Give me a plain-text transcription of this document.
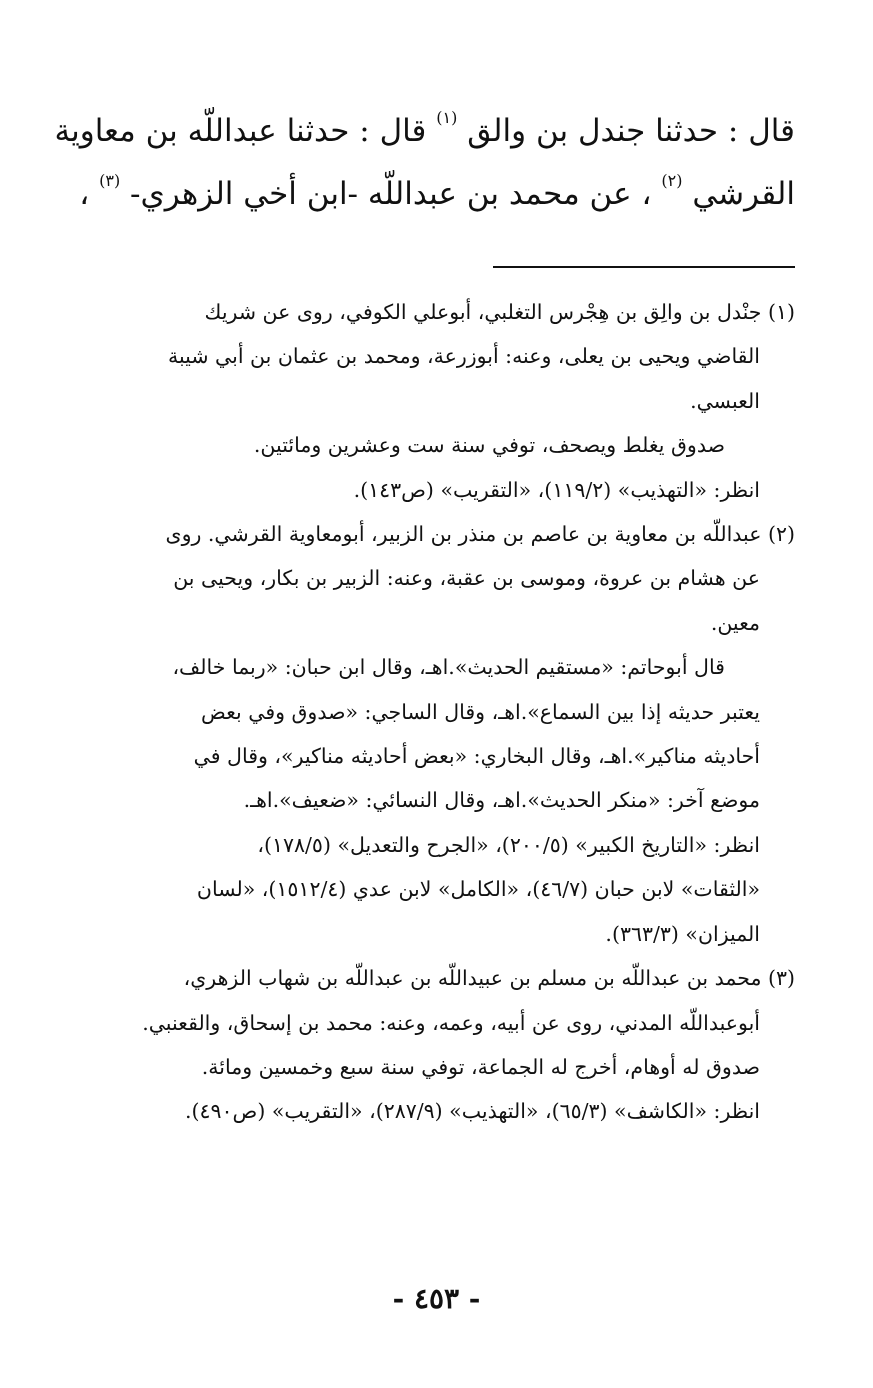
قال : حدثنا جندل بن والق $^{(١)}$ قال : حدثنا عبداللّه بن معاوية
القرشي $^{(٢)}$ ، عن محمد بن عبداللّه -ابن أخي الزهري- $^{(٣)}$ ،
(١) جنْدل بن والِق بن هِجْرس التغلبي، أبوعلي الكوفي، روى عن شريك
القاضي ويحيى بن يعلى، وعنه: أبوزرعة، ومحمد بن عثمان بن أبي شيبة
العبسي.
صدوق يغلط ويصحف، توفي سنة ست وعشرين ومائتين.
انظر: «التهذيب» (١١٩/٢)، «التقريب» (ص١٤٣).
(٢) عبداللّه بن معاوية بن عاصم بن منذر بن الزبير، أبومعاوية القرشي. روى
عن هشام بن عروة، وموسى بن عقبة، وعنه: الزبير بن بكار، ويحيى بن
معين.
قال أبوحاتم: «مستقيم الحديث».اهـ، وقال ابن حبان: «ربما خالف،
يعتبر حديثه إذا بين السماع».اهـ، وقال الساجي: «صدوق وفي بعض
أحاديثه مناكير».اهـ، وقال البخاري: «بعض أحاديثه مناكير»، وقال في
موضع آخر: «منكر الحديث».اهـ، وقال النسائي: «ضعيف».اهـ.
انظر: «التاريخ الكبير» (٢٠٠/٥)، «الجرح والتعديل» (١٧٨/٥)،
«الثقات» لابن حبان (٤٦/٧)، «الكامل» لابن عدي (١٥١٢/٤)، «لسان
الميزان» (٣٦٣/٣).
(٣) محمد بن عبداللّه بن مسلم بن عبيداللّه بن عبداللّه بن شهاب الزهري،
أبوعبداللّه المدني، روى عن أبيه، وعمه، وعنه: محمد بن إسحاق، والقعنبي.
صدوق له أوهام، أخرج له الجماعة، توفي سنة سبع وخمسين ومائة.
انظر: «الكاشف» (٦٥/٣)، «التهذيب» (٢٨٧/٩)، «التقريب» (ص٤٩٠).
- ٤٥٣ -
